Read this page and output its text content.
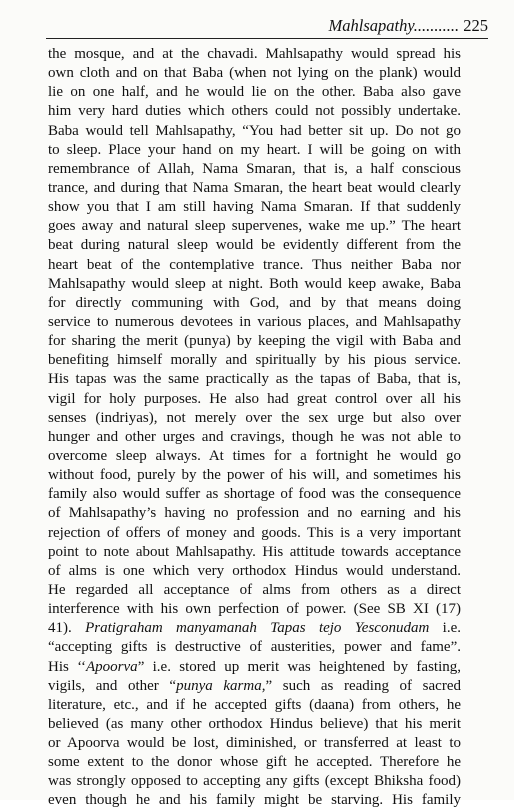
Mahlsapathy........... 225
the mosque, and at the chavadi. Mahlsapathy would spread his
own cloth and on that Baba (when not lying on the plank) would
lie on one half, and he would lie on the other. Baba also gave
him very hard duties which others could not possibly undertake.
Baba would tell Mahlsapathy, “You had better sit up. Do not go
to sleep. Place your hand on my heart. I will be going on with
remembrance of Allah, Nama Smaran, that is, a half conscious
trance, and during that Nama Smaran, the heart beat would clearly
show you that I am still having Nama Smaran. If that suddenly
goes away and natural sleep supervenes, wake me up.” The heart
beat during natural sleep would be evidently different from the
heart beat of the contemplative trance. Thus neither Baba nor
Mahlsapathy would sleep at night. Both would keep awake, Baba
for directly communing with God, and by that means doing
service to numerous devotees in various places, and Mahlsapathy
for sharing the merit (punya) by keeping the vigil with Baba and
benefiting himself morally and spiritually by his pious service.
His tapas was the same practically as the tapas of Baba, that is,
vigil for holy purposes. He also had great control over all his
senses (indriyas), not merely over the sex urge but also over
hunger and other urges and cravings, though he was not able to
overcome sleep always. At times for a fortnight he would go
without food, purely by the power of his will, and sometimes his
family also would suffer as shortage of food was the consequence
of Mahlsapathy’s having no profession and no earning and his
rejection of offers of money and goods. This is a very important
point to note about Mahlsapathy. His attitude towards acceptance
of alms is one which very orthodox Hindus would understand.
He regarded all acceptance of alms from others as a direct
interference with his own perfection of power. (See SB XI (17)
41). Pratigraham manyamanah Tapas tejo Yesconudam i.e.
“accepting gifts is destructive of austerities, power and fame”.
His ‘‘Apoorva” i.e. stored up merit was heightened by fasting,
vigils, and other “punya karma,” such as reading of sacred
literature, etc., and if he accepted gifts (daana) from others, he
believed (as many other orthodox Hindus believe) that his merit
or Apoorva would be lost, diminished, or transferred at least to
some extent to the donor whose gift he accepted. Therefore he
was strongly opposed to accepting any gifts (except Bhiksha food)
even though he and his family might be starving. His family
